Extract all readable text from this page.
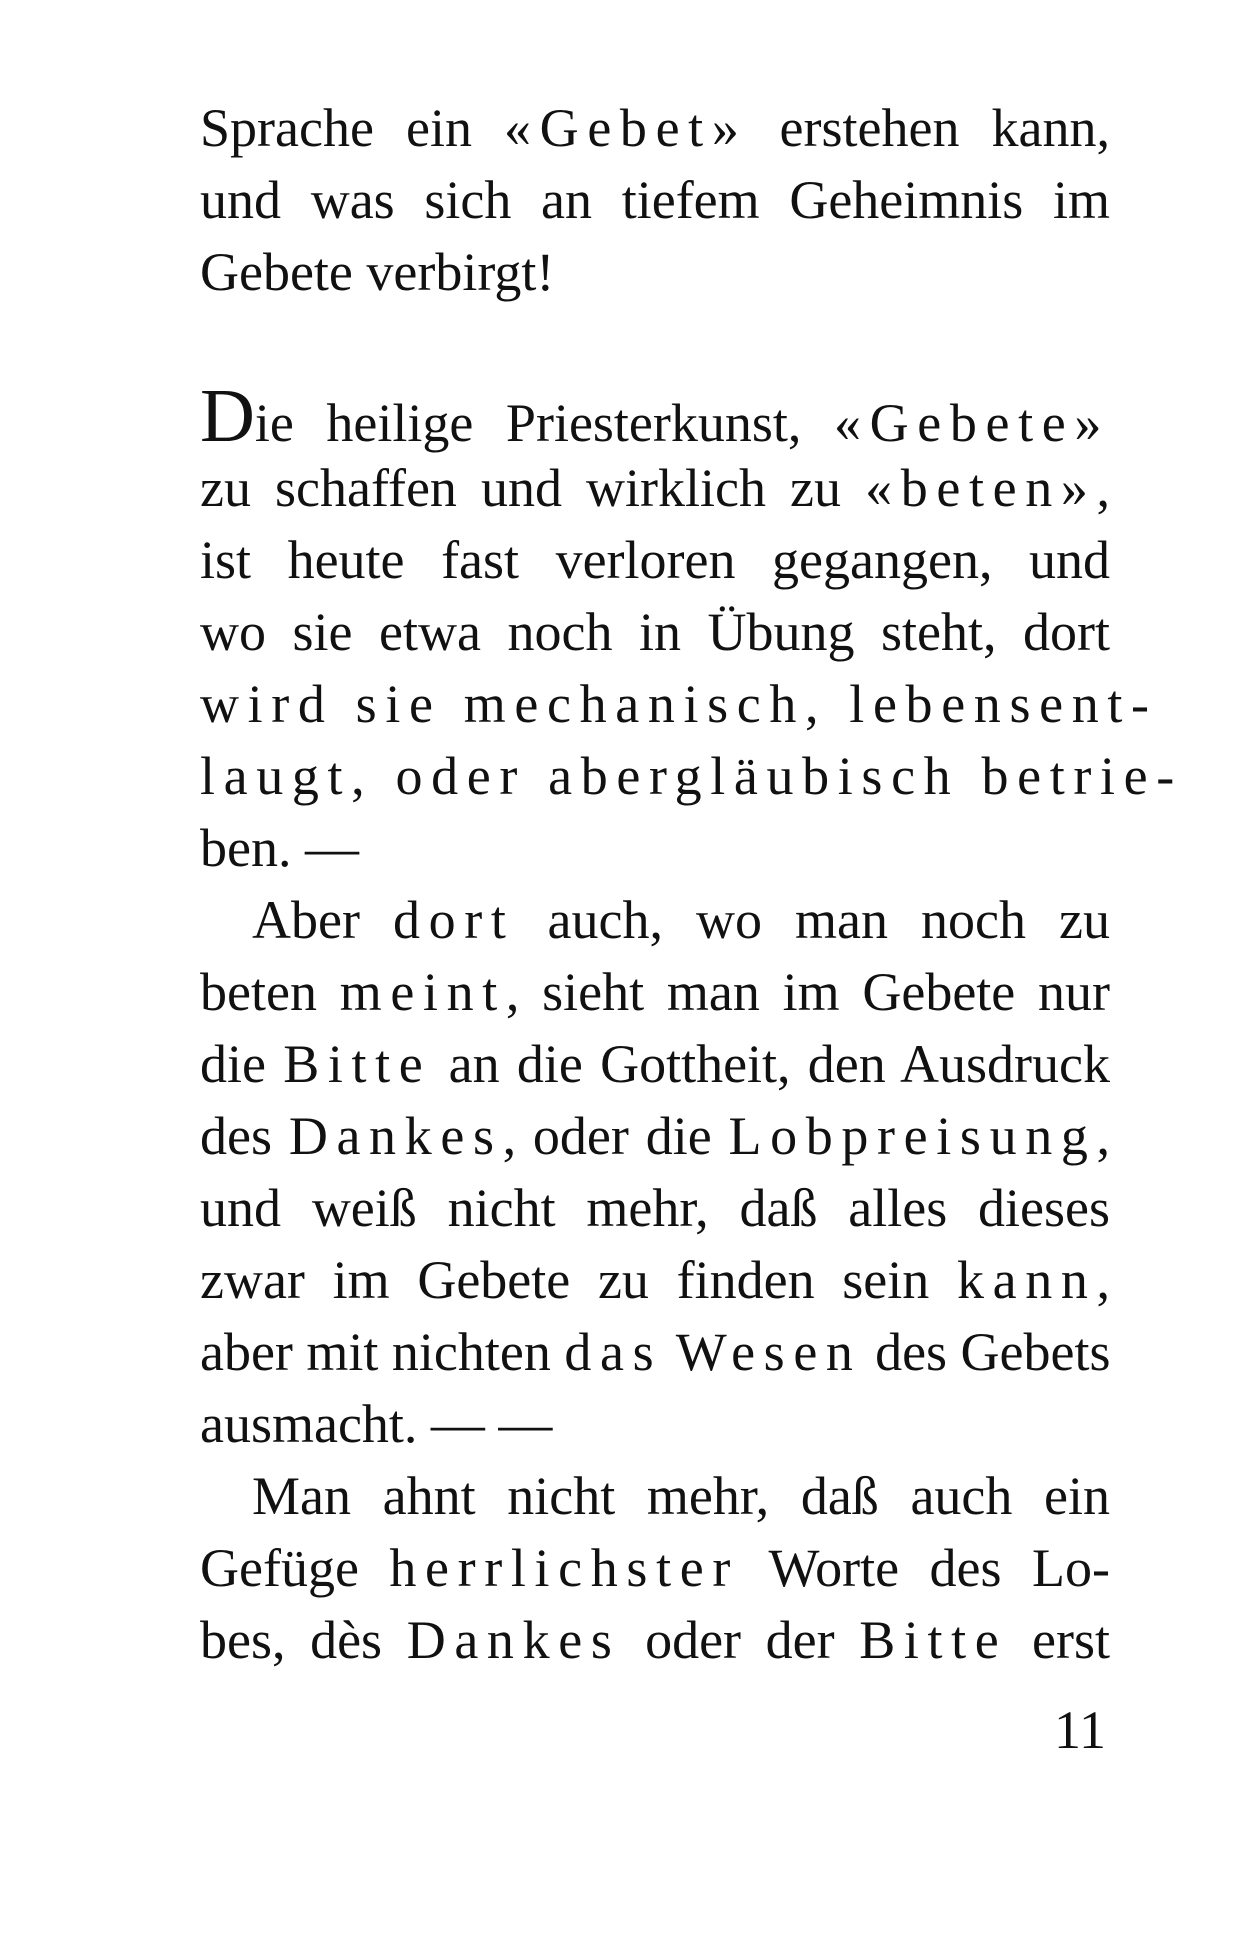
Sprache ein «Gebet» erstehen kann,
und was sich an tiefem Geheimnis im
Gebete verbirgt!
Die heilige Priesterkunst, «Gebete»
zu schaffen und wirklich zu «beten»,
ist heute fast verloren gegangen, und
wo sie etwa noch in Übung steht, dort
wird sie mechanisch, lebensent-
laugt, oder abergläubisch betrie-
ben. —
Aber dort auch, wo man noch zu
beten meint, sieht man im Gebete nur
die Bitte an die Gottheit, den Ausdruck
des Dankes, oder die Lobpreisung,
und weiß nicht mehr, daß alles dieses
zwar im Gebete zu finden sein kann,
aber mit nichten das Wesen des Gebets
ausmacht. — —
Man ahnt nicht mehr, daß auch ein
Gefüge herrlichster Worte des Lo-
bes, dès Dankes oder der Bitte erst
11
